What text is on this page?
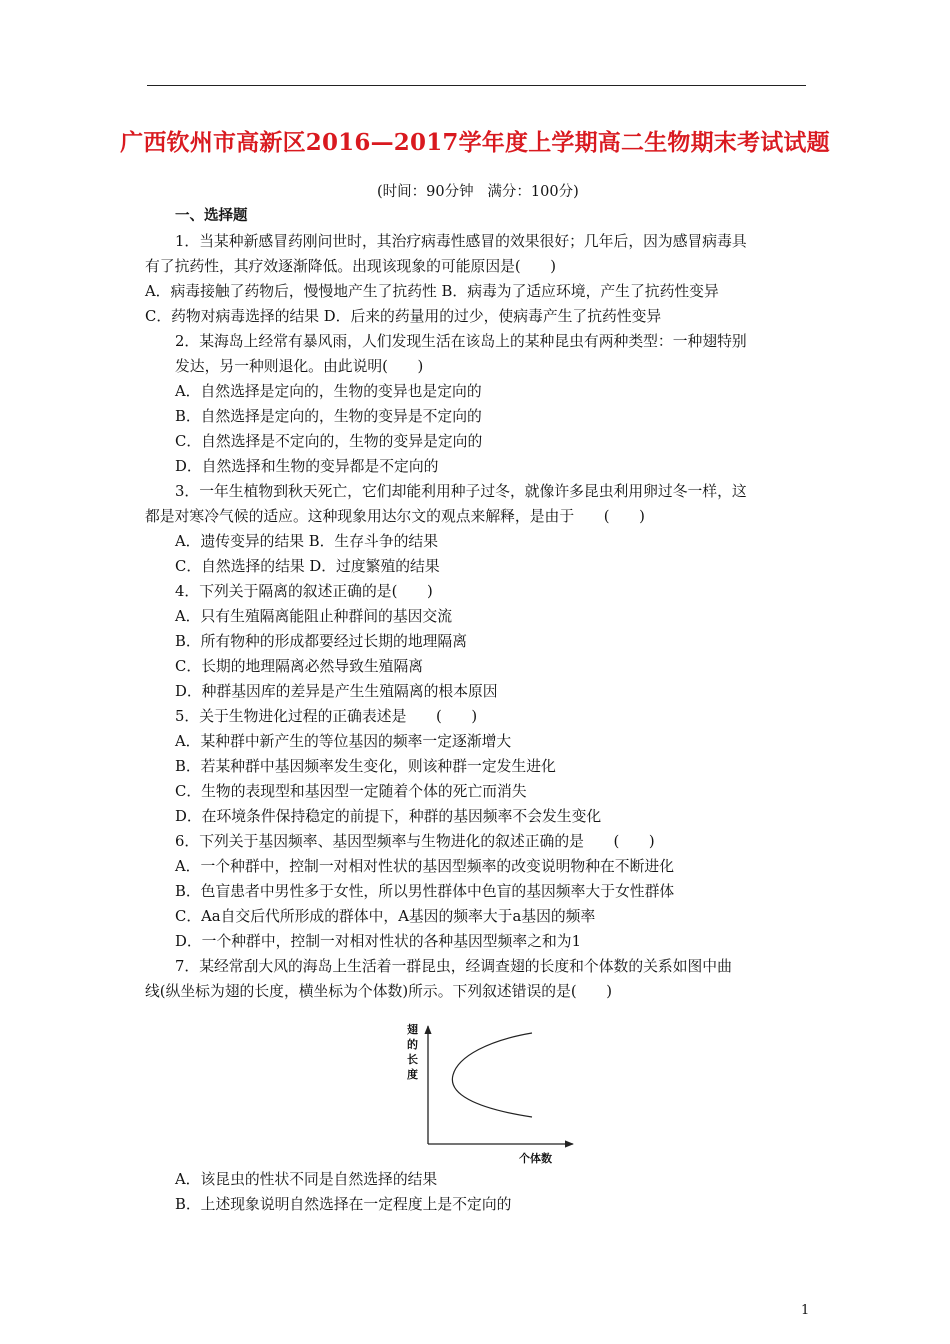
广西钦州市高新区2016—2017学年度上学期高二生物期末考试试题
(时间：90分钟   满分：100分)
一、选择题
1．当某种新感冒药刚问世时，其治疗病毒性感冒的效果很好；几年后，因为感冒病毒具
有了抗药性，其疗效逐渐降低。出现该现象的可能原因是(　　)
A．病毒接触了药物后，慢慢地产生了抗药性 B．病毒为了适应环境，产生了抗药性变异
C．药物对病毒选择的结果 D．后来的药量用的过少，使病毒产生了抗药性变异
2．某海岛上经常有暴风雨，人们发现生活在该岛上的某种昆虫有两种类型：一种翅特别
发达，另一种则退化。由此说明(　　)
A．自然选择是定向的，生物的变异也是定向的
B．自然选择是定向的，生物的变异是不定向的
C．自然选择是不定向的，生物的变异是定向的
D．自然选择和生物的变异都是不定向的
3．一年生植物到秋天死亡，它们却能利用种子过冬，就像许多昆虫利用卵过冬一样，这
都是对寒冷气候的适应。这种现象用达尔文的观点来解释，是由于　　(　　)
A．遗传变异的结果 B．生存斗争的结果
C．自然选择的结果 D．过度繁殖的结果
4．下列关于隔离的叙述正确的是(　　)
A．只有生殖隔离能阻止种群间的基因交流
B．所有物种的形成都要经过长期的地理隔离
C．长期的地理隔离必然导致生殖隔离
D．种群基因库的差异是产生生殖隔离的根本原因
5．关于生物进化过程的正确表述是　　(　　)
A．某种群中新产生的等位基因的频率一定逐渐增大
B．若某种群中基因频率发生变化，则该种群一定发生进化
C．生物的表现型和基因型一定随着个体的死亡而消失
D．在环境条件保持稳定的前提下，种群的基因频率不会发生变化
6．下列关于基因频率、基因型频率与生物进化的叙述正确的是　　(　　)
A．一个种群中，控制一对相对性状的基因型频率的改变说明物种在不断进化
B．色盲患者中男性多于女性，所以男性群体中色盲的基因频率大于女性群体
C．Aa自交后代所形成的群体中，A基因的频率大于a基因的频率
D．一个种群中，控制一对相对性状的各种基因型频率之和为1
7．某经常刮大风的海岛上生活着一群昆虫，经调查翅的长度和个体数的关系如图中曲
线(纵坐标为翅的长度，横坐标为个体数)所示。下列叙述错误的是(　　)
翅
的
长
度
个体数
A．该昆虫的性状不同是自然选择的结果
B．上述现象说明自然选择在一定程度上是不定向的
1
